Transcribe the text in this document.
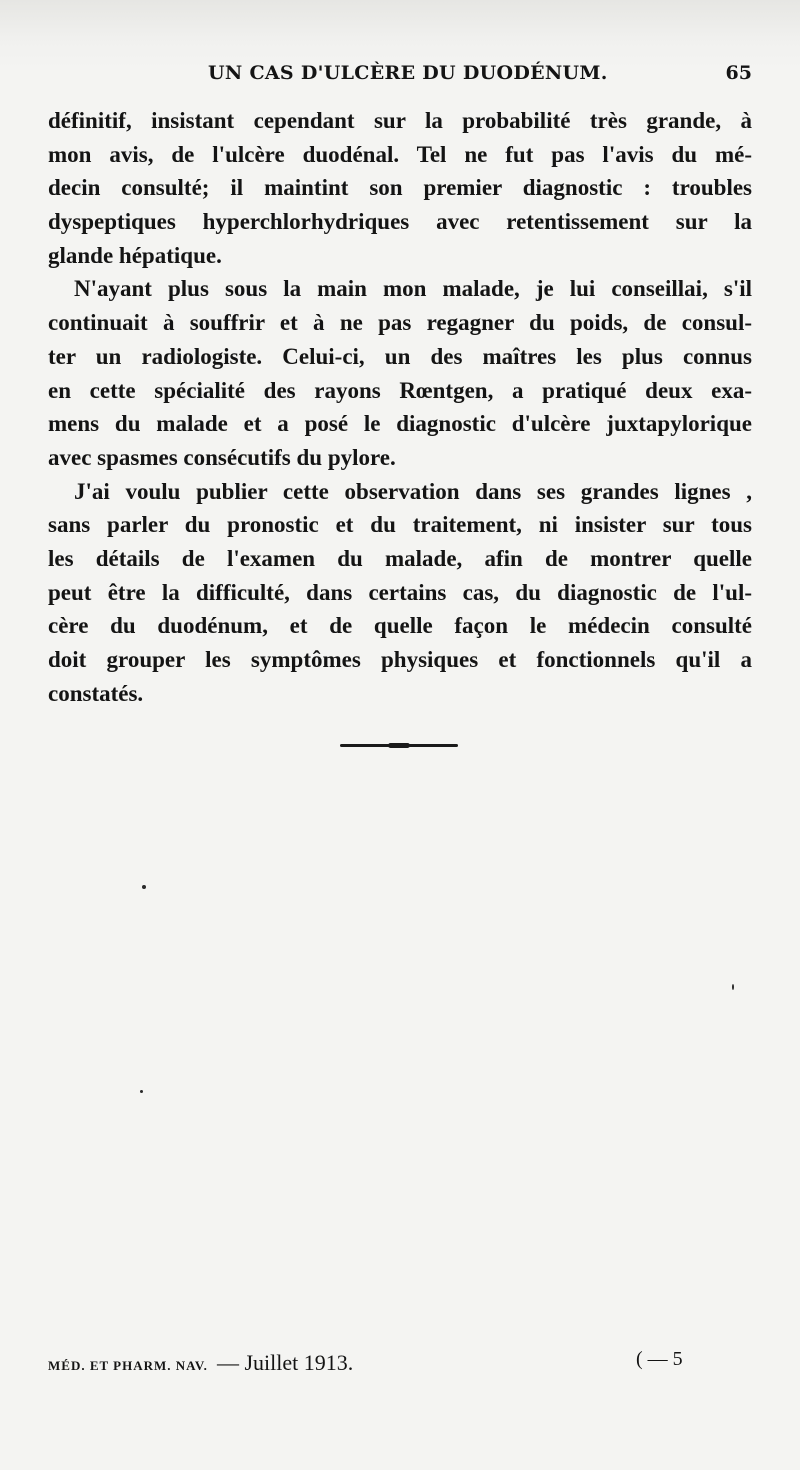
UN CAS D'ULCÈRE DU DUODÉNUM.	65
définitif, insistant cependant sur la probabilité très grande, à
mon avis, de l'ulcère duodénal. Tel ne fut pas l'avis du mé-
decin consulté; il maintint son premier diagnostic : troubles
dyspeptiques hyperchlorhydriques avec retentissement sur la
glande hépatique.
N'ayant plus sous la main mon malade, je lui conseillai, s'il
continuait à souffrir et à ne pas regagner du poids, de consul-
ter un radiologiste. Celui-ci, un des maîtres les plus connus
en cette spécialité des rayons Rœntgen, a pratiqué deux exa-
mens du malade et a posé le diagnostic d'ulcère juxtapylorique
avec spasmes consécutifs du pylore.
J'ai voulu publier cette observation dans ses grandes lignes ,
sans parler du pronostic et du traitement, ni insister sur tous
les détails de l'examen du malade, afin de montrer quelle
peut être la difficulté, dans certains cas, du diagnostic de l'ul-
cère du duodénum, et de quelle façon le médecin consulté
doit grouper les symptômes physiques et fonctionnels qu'il a
constatés.
MÉD. ET PHARM. NAV. — Juillet 1913.	( — 5
